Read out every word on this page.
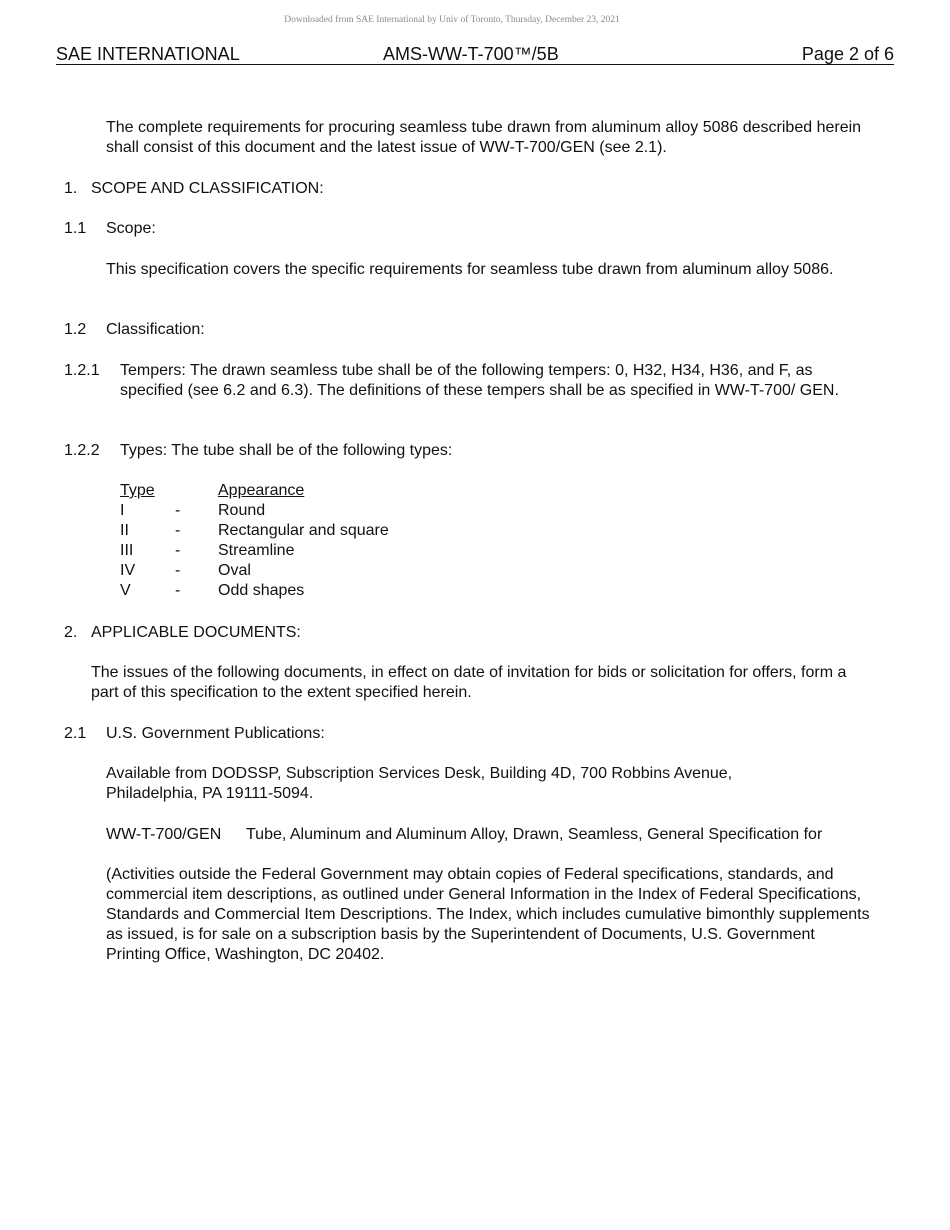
Downloaded from SAE International by Univ of Toronto, Thursday, December 23, 2021
SAE INTERNATIONAL	AMS-WW-T-700™/5B	Page 2 of 6
The complete requirements for procuring seamless tube drawn from aluminum alloy 5086 described herein shall consist of this document and the latest issue of WW-T-700/GEN (see 2.1).
1. SCOPE AND CLASSIFICATION:
1.1 Scope:
This specification covers the specific requirements for seamless tube drawn from aluminum alloy 5086.
1.2 Classification:
1.2.1 Tempers: The drawn seamless tube shall be of the following tempers: 0, H32, H34, H36, and F, as specified (see 6.2 and 6.3). The definitions of these tempers shall be as specified in WW-T-700/ GEN.
1.2.2 Types: The tube shall be of the following types:
Type	Appearance
I	- Round
II	- Rectangular and square
III	- Streamline
IV - Oval
V	- Odd shapes
2. APPLICABLE DOCUMENTS:
The issues of the following documents, in effect on date of invitation for bids or solicitation for offers, form a part of this specification to the extent specified herein.
2.1 U.S. Government Publications:
Available from DODSSP, Subscription Services Desk, Building 4D, 700 Robbins Avenue, Philadelphia, PA 19111-5094.
WW-T-700/GEN Tube, Aluminum and Aluminum Alloy, Drawn, Seamless, General Specification for
(Activities outside the Federal Government may obtain copies of Federal specifications, standards, and commercial item descriptions, as outlined under General Information in the Index of Federal Specifications, Standards and Commercial Item Descriptions. The Index, which includes cumulative bimonthly supplements as issued, is for sale on a subscription basis by the Superintendent of Documents, U.S. Government Printing Office, Washington, DC 20402.
